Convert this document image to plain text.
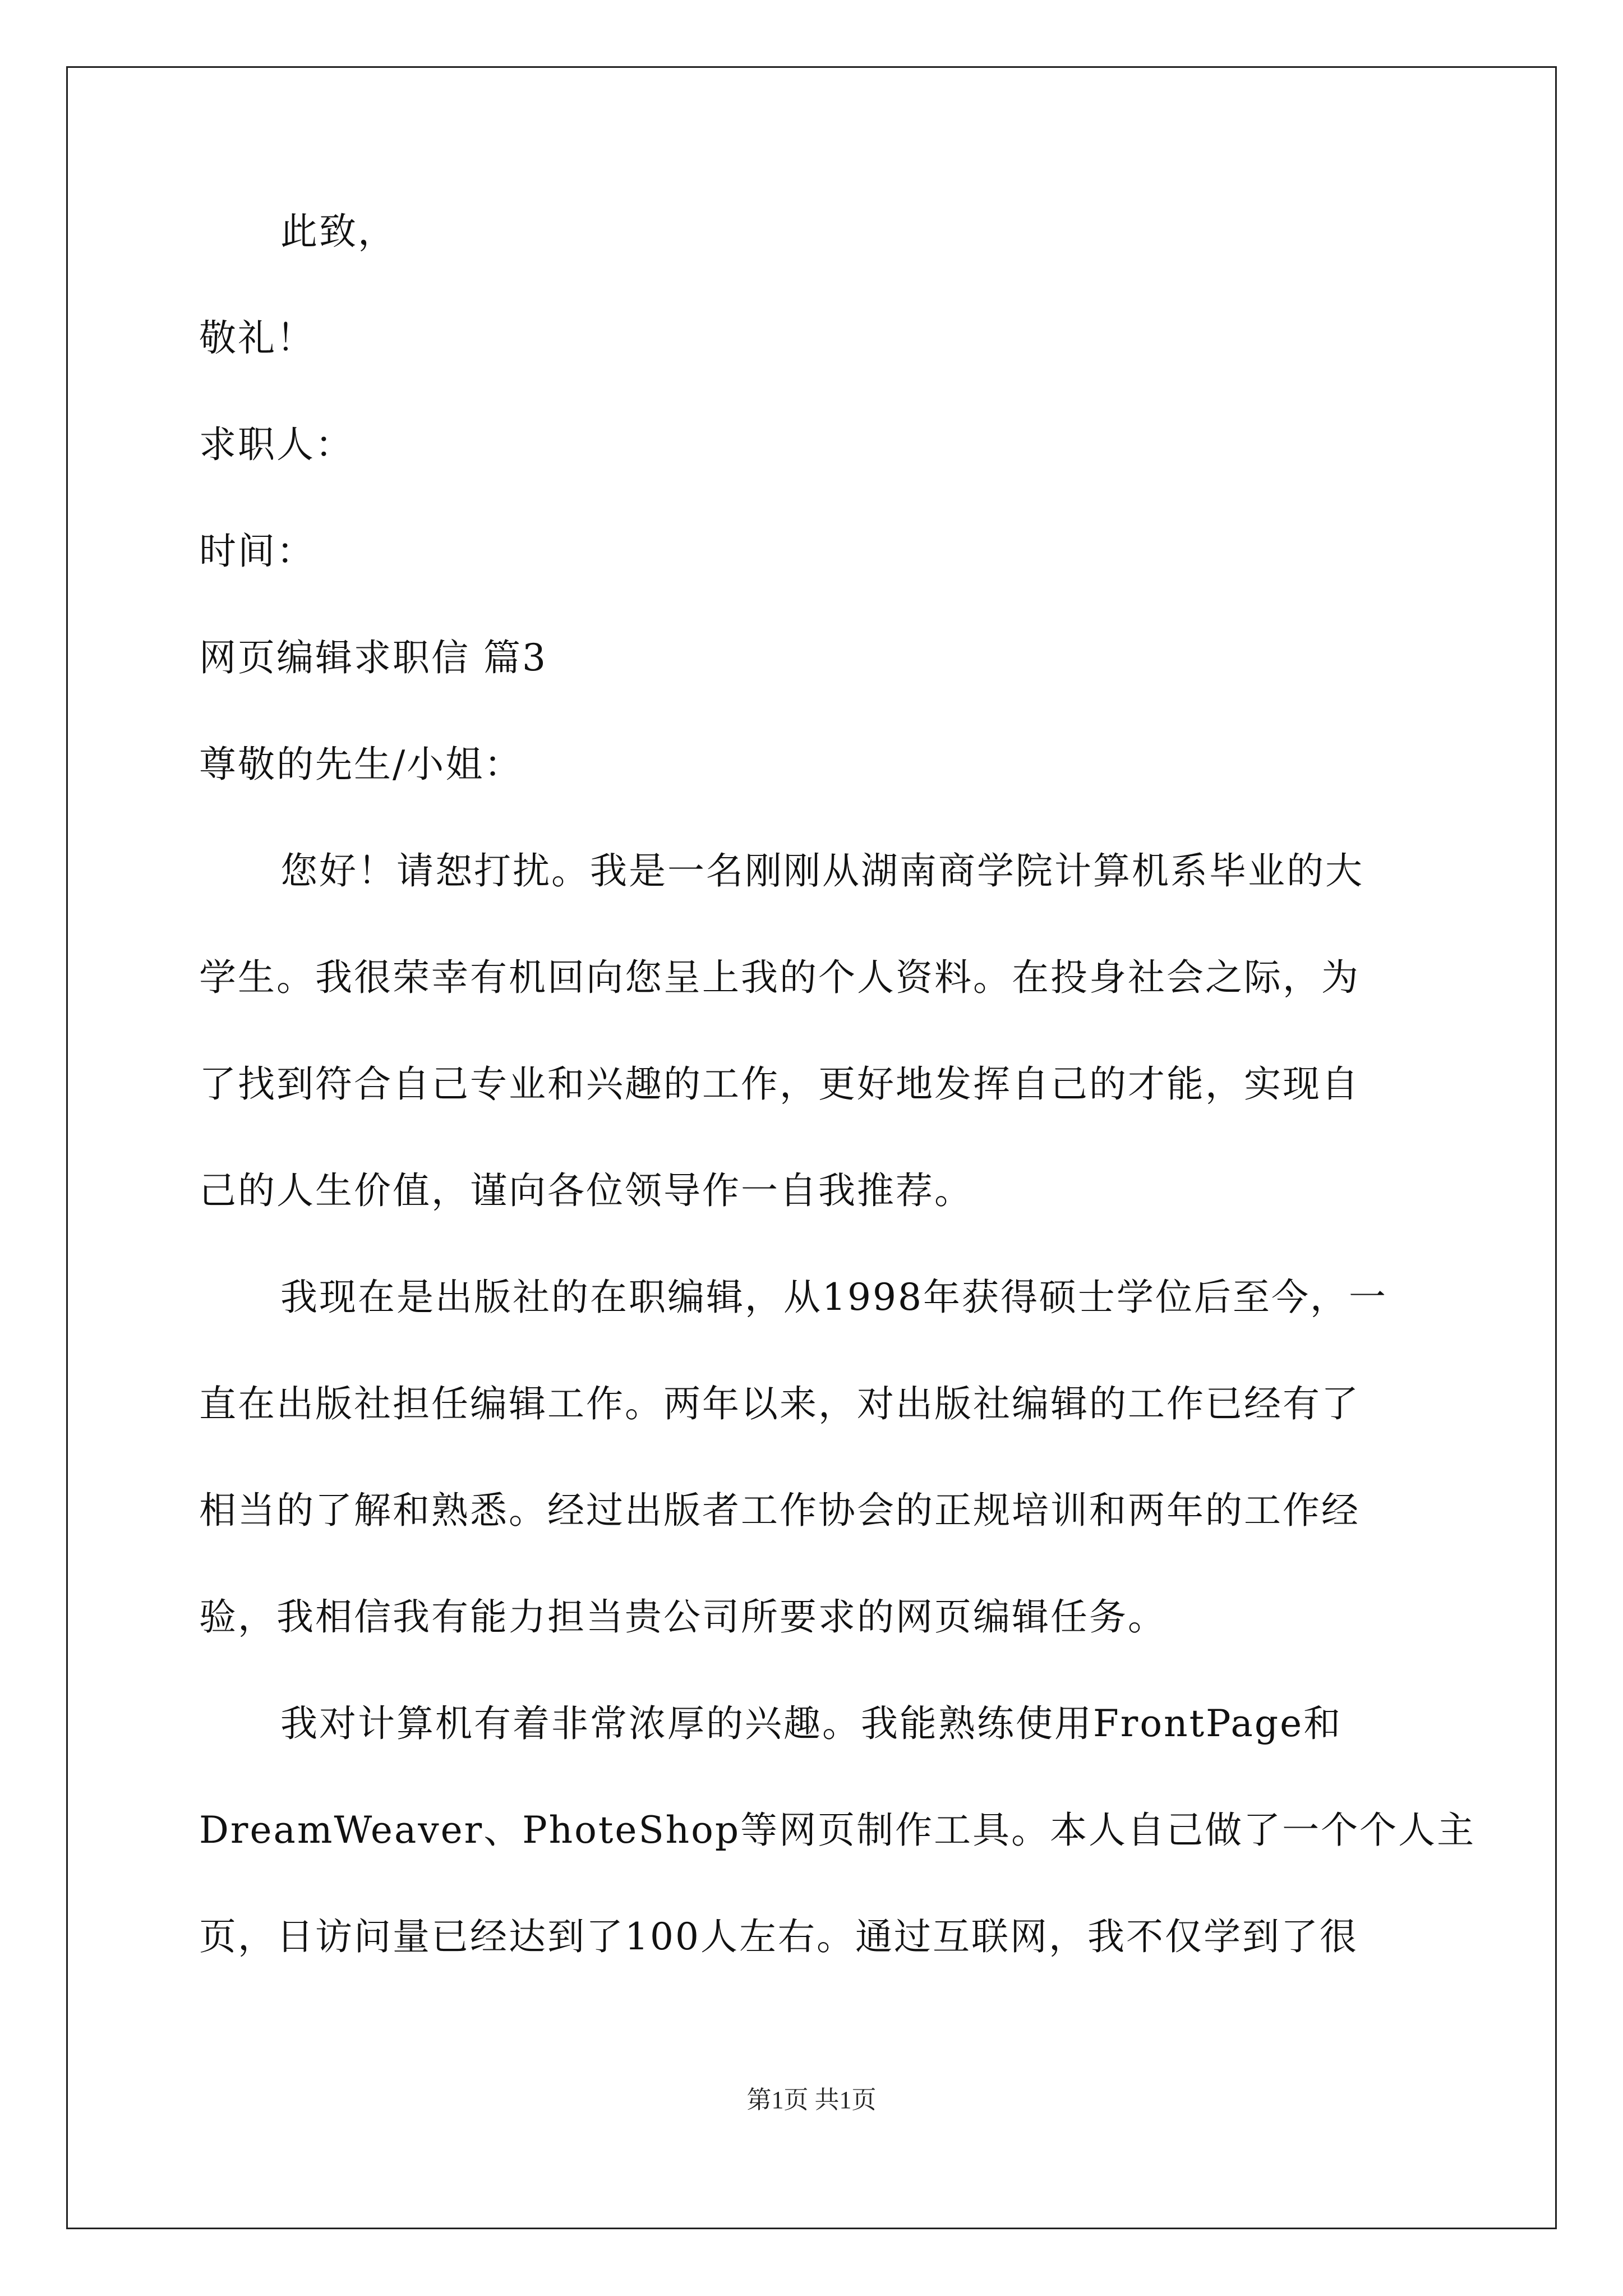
此致，
敬礼！
求职人：
时间：
网页编辑求职信 篇3
尊敬的先生/小姐：
您好！请恕打扰。我是一名刚刚从湖南商学院计算机系毕业的大
学生。我很荣幸有机回向您呈上我的个人资料。在投身社会之际，为
了找到符合自己专业和兴趣的工作，更好地发挥自己的才能，实现自
己的人生价值，谨向各位领导作一自我推荐。
我现在是出版社的在职编辑，从1998年获得硕士学位后至今，一
直在出版社担任编辑工作。两年以来，对出版社编辑的工作已经有了
相当的了解和熟悉。经过出版者工作协会的正规培训和两年的工作经
验，我相信我有能力担当贵公司所要求的网页编辑任务。
我对计算机有着非常浓厚的兴趣。我能熟练使用FrontPage和
DreamWeaver、PhoteShop等网页制作工具。本人自己做了一个个人主
页，日访问量已经达到了100人左右。通过互联网，我不仅学到了很
第1页 共1页
